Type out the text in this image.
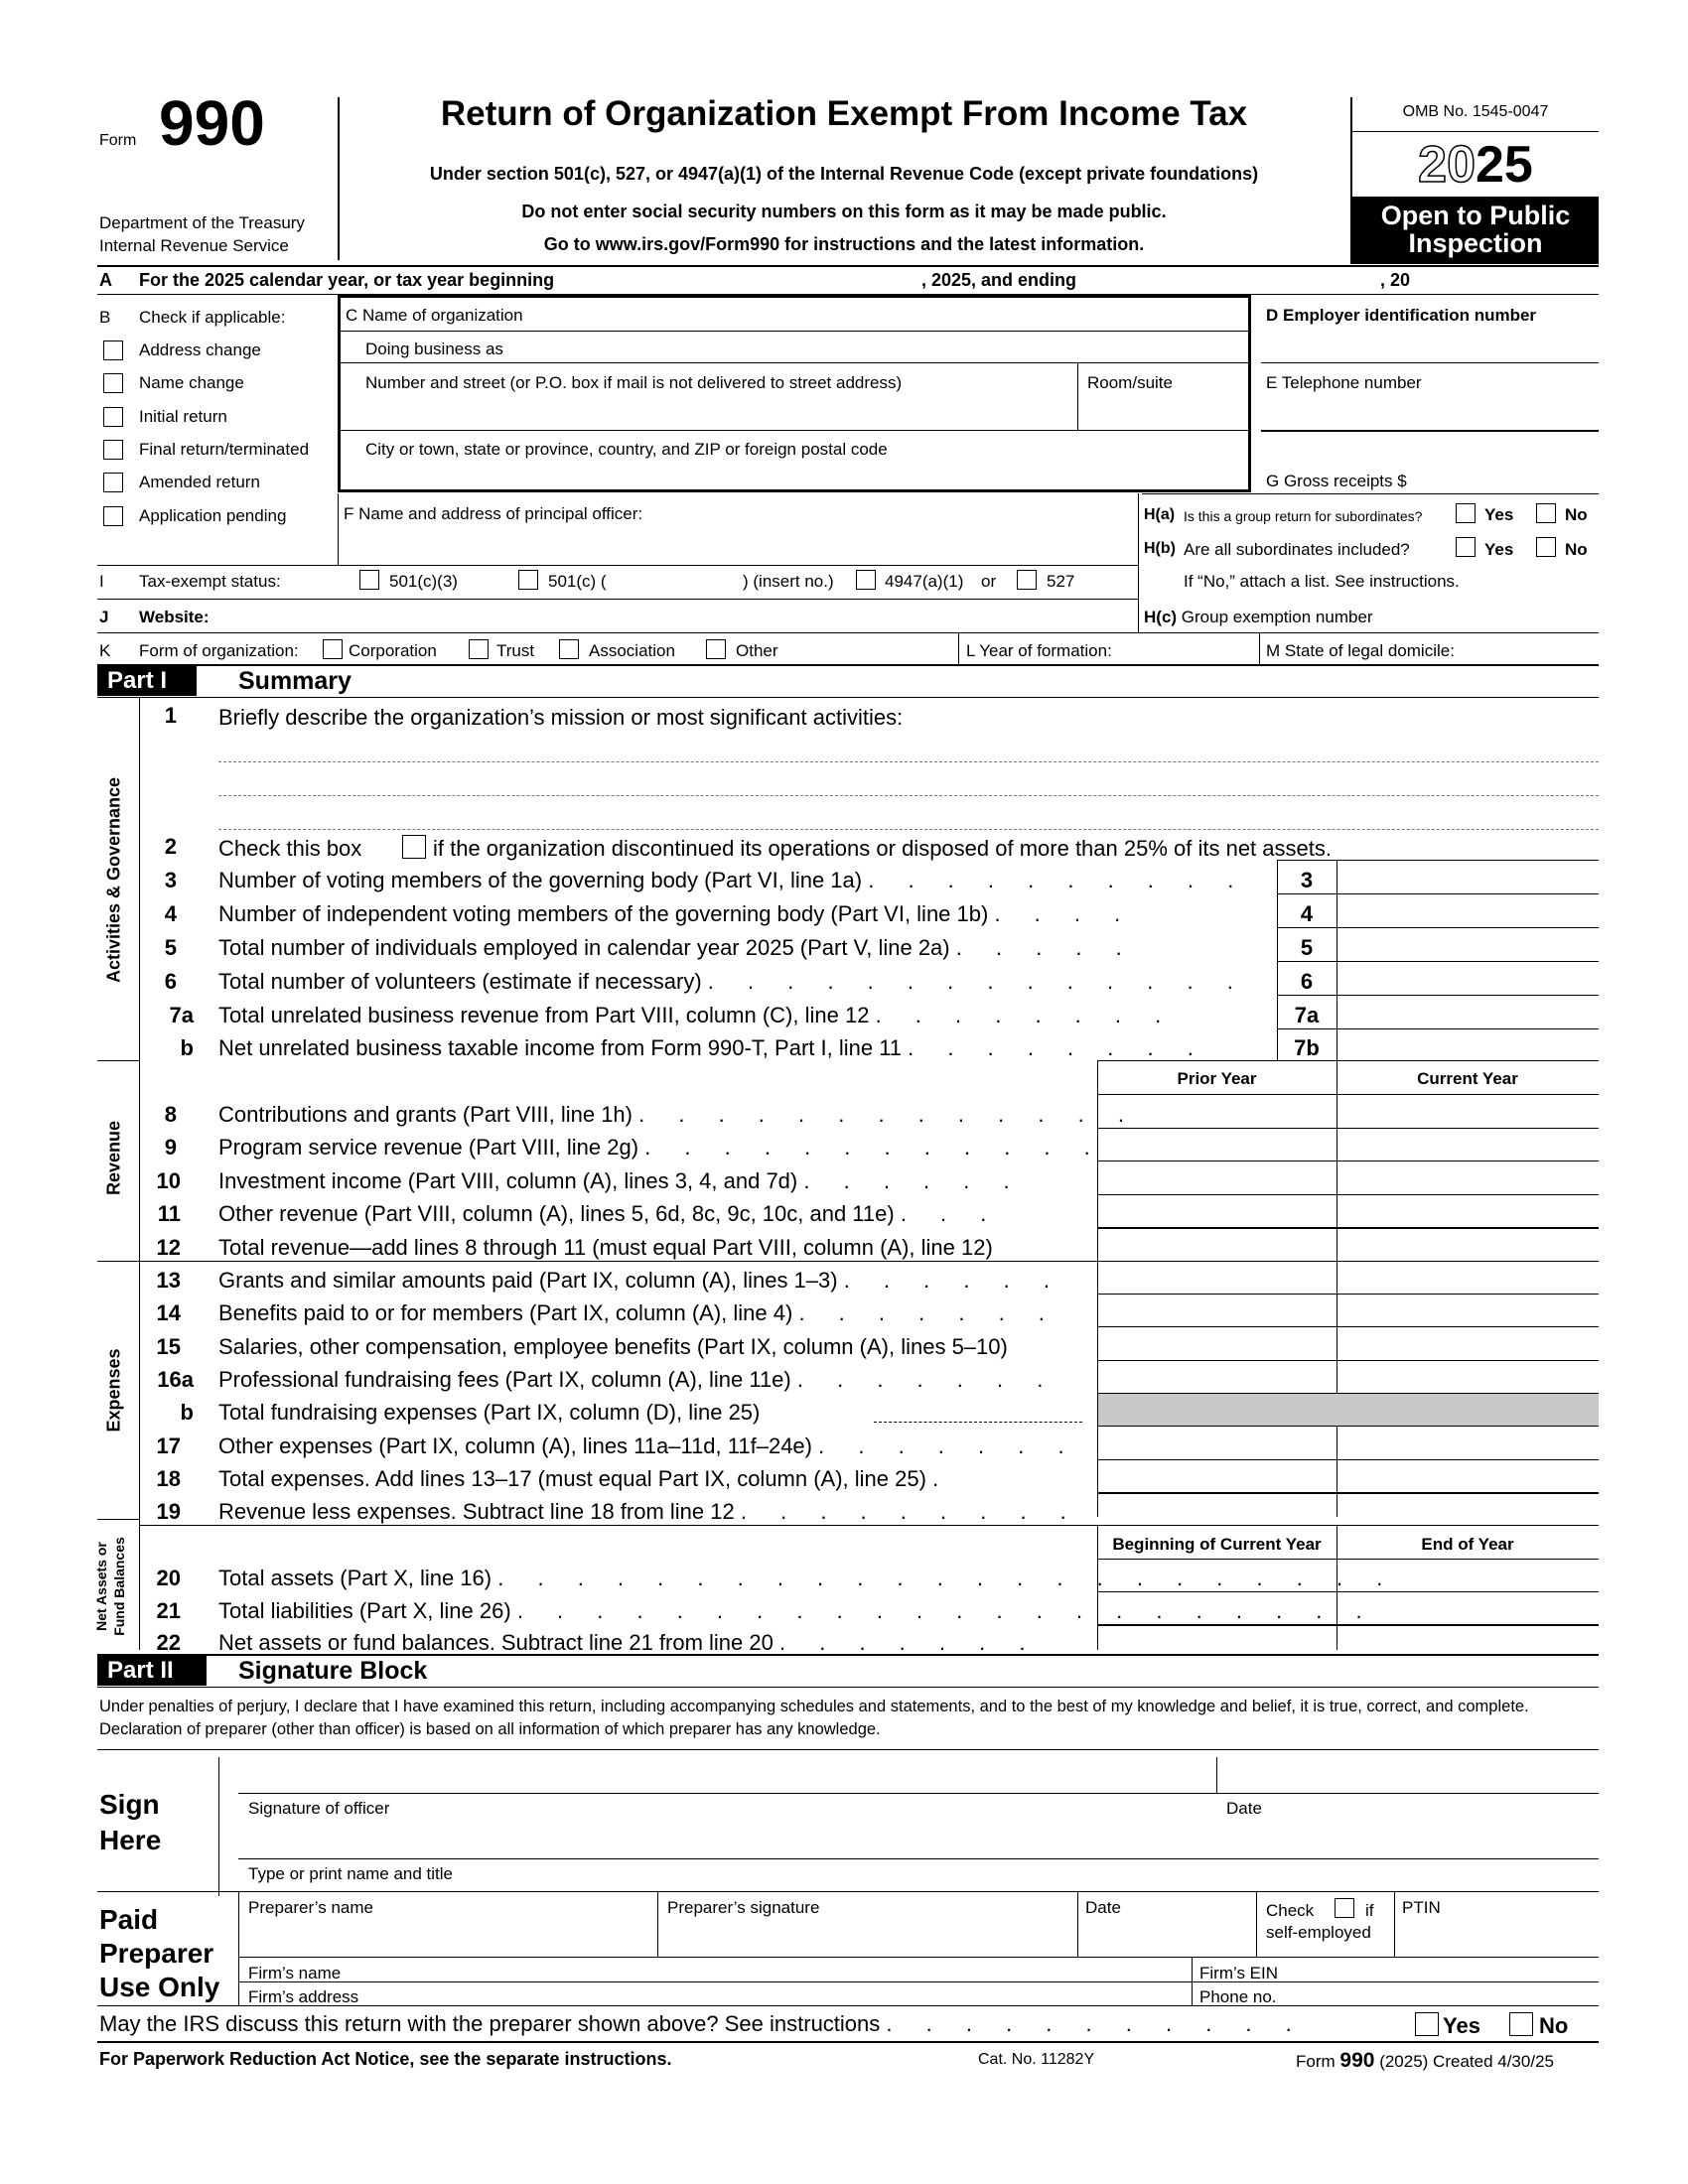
Form 990
Department of the Treasury
Internal Revenue Service
Return of Organization Exempt From Income Tax
Under section 501(c), 527, or 4947(a)(1) of the Internal Revenue Code (except private foundations)
Do not enter social security numbers on this form as it may be made public.
Go to www.irs.gov/Form990 for instructions and the latest information.
OMB No. 1545-0047
2025
Open to Public
Inspection
A For the 2025 calendar year, or tax year beginning	, 2025, and ending	, 20
B Check if applicable:
Address change
Name change
Initial return
Final return/terminated
Amended return
Application pending
C Name of organization
Doing business as
Number and street (or P.O. box if mail is not delivered to street address)	Room/suite
City or town, state or province, country, and ZIP or foreign postal code
D Employer identification number
E Telephone number
G Gross receipts $
F Name and address of principal officer:	H(a) Is this a group return for subordinates?	Yes	No
H(b) Are all subordinates included?	Yes	No
If “No,” attach a list. See instructions.
I Tax-exempt status:	501(c)(3)	501(c) (	) (insert no.)	4947(a)(1) or	527
J Website:	H(c) Group exemption number
K Form of organization:	Corporation	Trust	Association	Other	L Year of formation:	M State of legal domicile:
Part I	Summary
Activities & Governance
Revenue
Expenses
Net Assets or Fund Balances
1 Briefly describe the organization’s mission or most significant activities:
2 Check this box	if the organization discontinued its operations or disposed of more than 25% of its net assets.
3 Number of voting members of the governing body (Part VI, line 1a) . . . . . . . . . .	3
4 Number of independent voting members of the governing body (Part VI, line 1b) . . . .	4
5 Total number of individuals employed in calendar year 2025 (Part V, line 2a) . . . . .	5
6 Total number of volunteers (estimate if necessary) . . . . . . . . . . . . . .	6
7a Total unrelated business revenue from Part VIII, column (C), line 12 . . . . . . . .	7a
b Net unrelated business taxable income from Form 990-T, Part I, line 11 . . . . . . . .	7b
Prior Year	Current Year
8 Contributions and grants (Part VIII, line 1h) . . . . . . . . . . . . .
9 Program service revenue (Part VIII, line 2g) . . . . . . . . . . . .
10 Investment income (Part VIII, column (A), lines 3, 4, and 7d) . . . . . .
11 Other revenue (Part VIII, column (A), lines 5, 6d, 8c, 9c, 10c, and 11e) . . .
12 Total revenue—add lines 8 through 11 (must equal Part VIII, column (A), line 12)
13 Grants and similar amounts paid (Part IX, column (A), lines 1–3) . . . . . .
14 Benefits paid to or for members (Part IX, column (A), line 4) . . . . . . .
15 Salaries, other compensation, employee benefits (Part IX, column (A), lines 5–10)
16a Professional fundraising fees (Part IX, column (A), line 11e) . . . . . . .
b Total fundraising expenses (Part IX, column (D), line 25)
17 Other expenses (Part IX, column (A), lines 11a–11d, 11f–24e) . . . . . . .
18 Total expenses. Add lines 13–17 (must equal Part IX, column (A), line 25) .
19 Revenue less expenses. Subtract line 18 from line 12 . . . . . . . . .
Beginning of Current Year	End of Year
20 Total assets (Part X, line 16) . . . . . . . . . . . . . . . . . . . . . . .
21 Total liabilities (Part X, line 26) . . . . . . . . . . . . . . . . . . . . . .
22 Net assets or fund balances. Subtract line 21 from line 20 . . . . . . .
Part II	Signature Block
Under penalties of perjury, I declare that I have examined this return, including accompanying schedules and statements, and to the best of my knowledge and belief, it is true, correct, and complete. Declaration of preparer (other than officer) is based on all information of which preparer has any knowledge.
Sign
Here
Signature of officer	Date
Type or print name and title
Paid
Preparer
Use Only
Preparer’s name	Preparer’s signature	Date	Check	if
self-employed
PTIN
Firm’s name	Firm’s EIN
Firm’s address	Phone no.
May the IRS discuss this return with the preparer shown above? See instructions . . . . . . . . . . .	Yes	No
For Paperwork Reduction Act Notice, see the separate instructions.	Cat. No. 11282Y	Form 990 (2025) Created 4/30/25
